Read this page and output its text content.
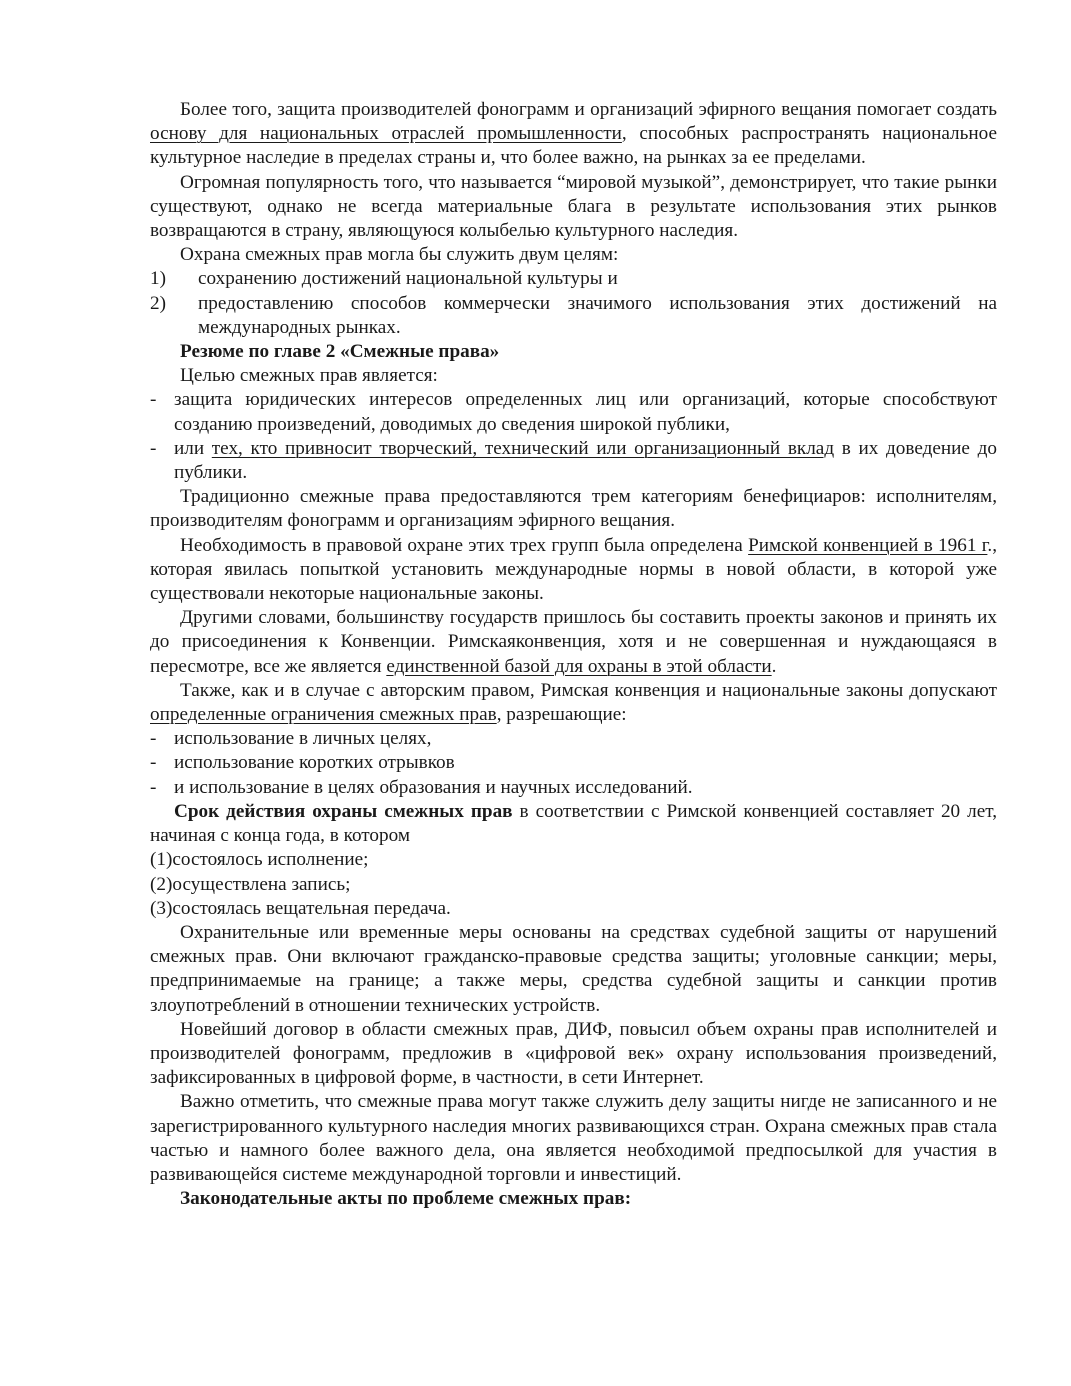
Более того, защита производителей фонограмм и организаций эфирного вещания помогает создать основу для национальных отраслей промышленности, способных распространять национальное культурное наследие в пределах страны и, что более важно, на рынках за ее пределами.

Огромная популярность того, что называется “мировой музыкой”, демонстрирует, что такие рынки существуют, однако не всегда материальные блага в результате использования этих рынков возвращаются в страну, являющуюся колыбелью культурного наследия.

Охрана смежных прав могла бы служить двум целям:

1) сохранению достижений национальной культуры и
2) предоставлению способов коммерчески значимого использования этих достижений на международных рынках.

Резюме по главе 2 «Смежные права»

Целью смежных прав является:

- защита юридических интересов определенных лиц или организаций, которые способствуют созданию произведений, доводимых до сведения широкой публики,
- или тех, кто привносит творческий, технический или организационный вклад в их доведение до публики.

Традиционно смежные права предоставляются трем категориям бенефициаров: исполнителям, производителям фонограмм и организациям эфирного вещания.

Необходимость в правовой охране этих трех групп была определена Римской конвенцией в 1961 г., которая явилась попыткой установить международные нормы в новой области, в которой уже существовали некоторые национальные законы.

Другими словами, большинству государств пришлось бы составить проекты законов и принять их до присоединения к Конвенции. Римскаяконвенция, хотя и не совершенная и нуждающаяся в пересмотре, все же является единственной базой для охраны в этой области.

Также, как и в случае с авторским правом, Римская конвенция и национальные законы допускают определенные ограничения смежных прав, разрешающие:

- использование в личных целях,
- использование коротких отрывков
- и использование в целях образования и научных исследований.

Срок действия охраны смежных прав в соответствии с Римской конвенцией составляет 20 лет, начиная с конца года, в котором

(1)состоялось исполнение;

(2)осуществлена запись;

(3)состоялась вещательная передача.

Охранительные или временные меры основаны на средствах судебной защиты от нарушений смежных прав. Они включают гражданско-правовые средства защиты; уголовные санкции; меры, предпринимаемые на границе; а также меры, средства судебной защиты и санкции против злоупотреблений в отношении технических устройств.

Новейший договор в области смежных прав, ДИФ, повысил объем охраны прав исполнителей и производителей фонограмм, предложив в «цифровой век» охрану использования произведений, зафиксированных в цифровой форме, в частности, в сети Интернет.

Важно отметить, что смежные права могут также служить делу защиты нигде не записанного и не зарегистрированного культурного наследия многих развивающихся стран. Охрана смежных прав стала частью и намного более важного дела, она является необходимой предпосылкой для участия в развивающейся системе международной торговли и инвестиций.

Законодательные акты по проблеме смежных прав:
